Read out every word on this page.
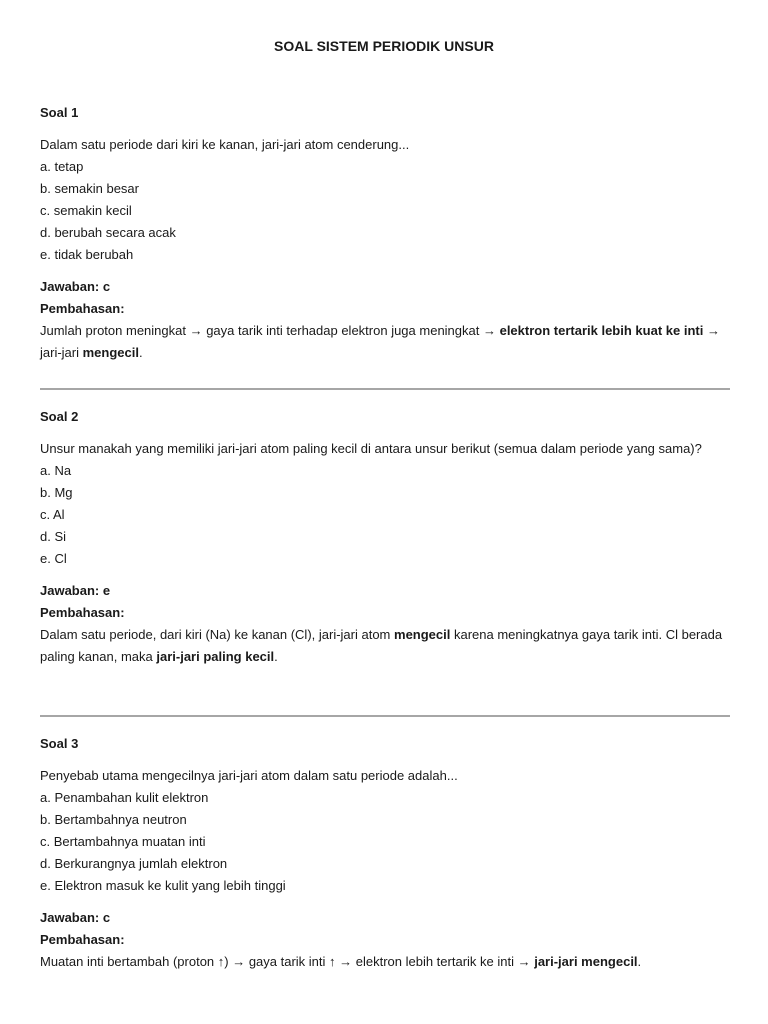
SOAL SISTEM PERIODIK UNSUR

Soal 1

Dalam satu periode dari kiri ke kanan, jari-jari atom cenderung...

a. tetap
b. semakin besar
c. semakin kecil
d. berubah secara acak
e. tidak berubah

Jawaban: c

Pembahasan:

Jumlah proton meningkat → gaya tarik inti terhadap elektron juga meningkat → elektron tertarik lebih kuat ke inti → jari-jari mengecil.

Soal 2

Unsur manakah yang memiliki jari-jari atom paling kecil di antara unsur berikut (semua dalam periode yang sama)?

a. Na
b. Mg
c. Al
d. Si
e. Cl

Jawaban: e

Pembahasan:

Dalam satu periode, dari kiri (Na) ke kanan (Cl), jari-jari atom mengecil karena meningkatnya gaya tarik inti. Cl berada paling kanan, maka jari-jari paling kecil.

Soal 3

Penyebab utama mengecilnya jari-jari atom dalam satu periode adalah...

a. Penambahan kulit elektron
b. Bertambahnya neutron
c. Bertambahnya muatan inti
d. Berkurangnya jumlah elektron
e. Elektron masuk ke kulit yang lebih tinggi

Jawaban: c

Pembahasan:

Muatan inti bertambah (proton ↑) → gaya tarik inti ↑ → elektron lebih tertarik ke inti → jari-jari mengecil.
